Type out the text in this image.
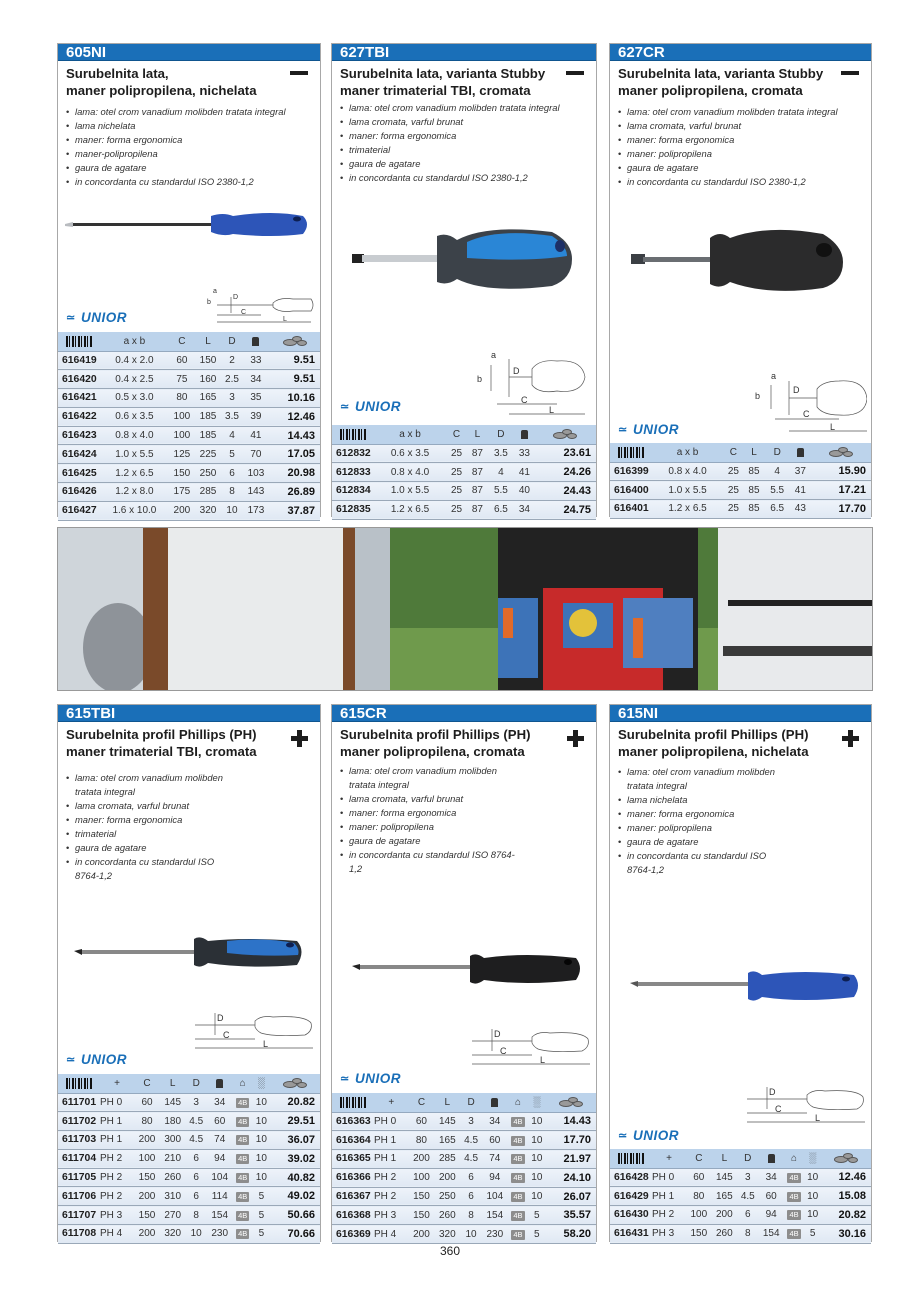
605NI
Surubelnita lata,
maner polipropilena, nichelata
• lama: otel crom vanadium molibden tratata integral
• lama nichelata
• maner: forma ergonomica
• maner-polipropilena
• gaura de agatare
• in concordanta cu standardul ISO 2380-1,2
a
b
D
C
L
≃ UNIOR
	a x b	C	L	D		

616419	0.4 x 2.0	60	150	2	33	9.51
616420	0.4 x 2.5	75	160	2.5	34	9.51
616421	0.5 x 3.0	80	165	3	35	10.16
616422	0.6 x 3.5	100	185	3.5	39	12.46
616423	0.8 x 4.0	100	185	4	41	14.43
616424	1.0 x 5.5	125	225	5	70	17.05
616425	1.2 x 6.5	150	250	6	103	20.98
616426	1.2 x 8.0	175	285	8	143	26.89
616427	1.6 x 10.0	200	320	10	173	37.87
627TBI
Surubelnita lata, varianta Stubby
maner trimaterial TBI, cromata
• lama: otel crom vanadium molibden tratata integral
• lama cromata, varful brunat
• maner: forma ergonomica
• trimaterial
• gaura de agatare
• in concordanta cu standardul ISO 2380-1,2
a
b
D
C
L
≃ UNIOR
	a x b	C	L	D		

612832	0.6 x 3.5	25	87	3.5	33	23.61
612833	0.8 x 4.0	25	87	4	41	24.26
612834	1.0 x 5.5	25	87	5.5	40	24.43
612835	1.2 x 6.5	25	87	6.5	34	24.75
627CR
Surubelnita lata, varianta Stubby
maner polipropilena, cromata
• lama: otel crom vanadium molibden tratata integral
• lama cromata, varful brunat
• maner: forma ergonomica
• maner: polipropilena
• gaura de agatare
• in concordanta cu standardul ISO 2380-1,2
a
b
D
C
L
≃ UNIOR
	a x b	C	L	D		

616399	0.8 x 4.0	25	85	4	37	15.90
616400	1.0 x 5.5	25	85	5.5	41	17.21
616401	1.2 x 6.5	25	85	6.5	43	17.70
615TBI
Surubelnita profil Phillips (PH)
maner trimaterial TBI, cromata
• lama: otel crom vanadium molibden tratata integral
• lama cromata, varful brunat
• maner: forma ergonomica
• trimaterial
• gaura de agatare
• in concordanta cu standardul ISO 8764-1,2
D
C
L
≃ UNIOR
	+	C	L	D		⌂	░	

611701	PH 0	60	145	3	34	4B	10	20.82
611702	PH 1	80	180	4.5	60	4B	10	29.51
611703	PH 1	200	300	4.5	74	4B	10	36.07
611704	PH 2	100	210	6	94	4B	10	39.02
611705	PH 2	150	260	6	104	4B	10	40.82
611706	PH 2	200	310	6	114	4B	5	49.02
611707	PH 3	150	270	8	154	4B	5	50.66
611708	PH 4	200	320	10	230	4B	5	70.66
615CR
Surubelnita profil Phillips (PH)
maner polipropilena, cromata
• lama: otel crom vanadium molibden tratata integral
• lama cromata, varful brunat
• maner: forma ergonomica
• maner: polipropilena
• gaura de agatare
• in concordanta cu standardul ISO 8764-1,2
D
C
L
≃ UNIOR
	+	C	L	D		⌂	░	

616363	PH 0	60	145	3	34	4B	10	14.43
616364	PH 1	80	165	4.5	60	4B	10	17.70
616365	PH 1	200	285	4.5	74	4B	10	21.97
616366	PH 2	100	200	6	94	4B	10	24.10
616367	PH 2	150	250	6	104	4B	10	26.07
616368	PH 3	150	260	8	154	4B	5	35.57
616369	PH 4	200	320	10	230	4B	5	58.20
615NI
Surubelnita profil Phillips (PH)
maner polipropilena, nichelata
• lama: otel crom vanadium molibden tratata integral
• lama nichelata
• maner: forma ergonomica
• maner: polipropilena
• gaura de agatare
• in concordanta cu standardul ISO 8764-1,2
D
C
L
≃ UNIOR
	+	C	L	D		⌂	░	

616428	PH 0	60	145	3	34	4B	10	12.46
616429	PH 1	80	165	4.5	60	4B	10	15.08
616430	PH 2	100	200	6	94	4B	10	20.82
616431	PH 3	150	260	8	154	4B	5	30.16
360
